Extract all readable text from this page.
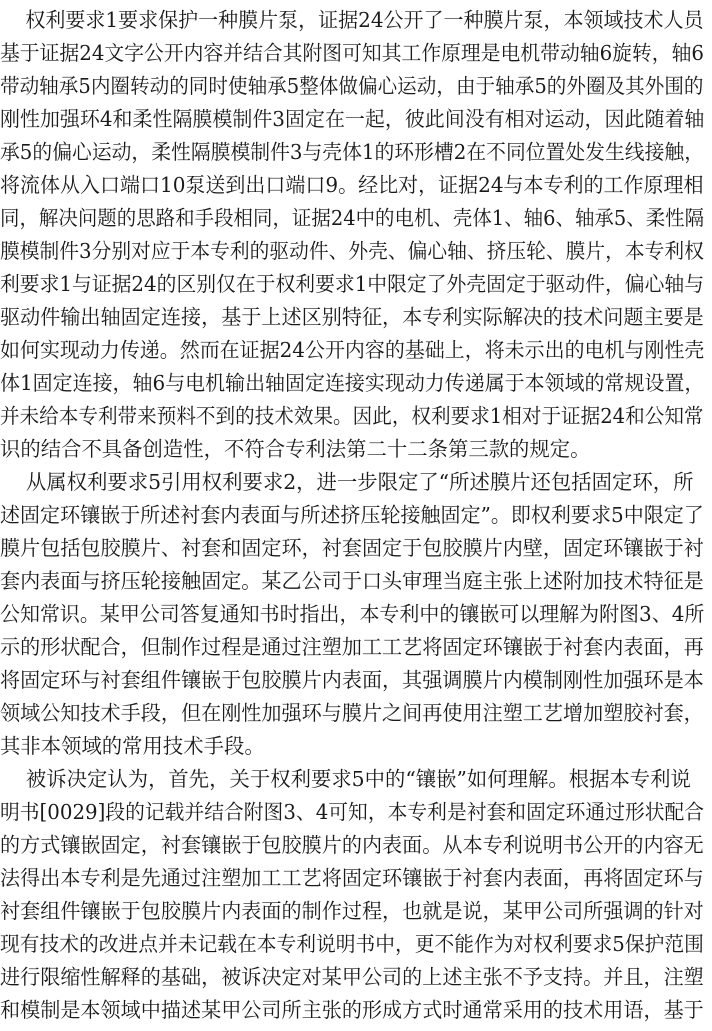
权利要求1要求保护一种膜片泵，证据24公开了一种膜片泵，本领域技术人员
基于证据24文字公开内容并结合其附图可知其工作原理是电机带动轴6旋转，轴6
带动轴承5内圈转动的同时使轴承5整体做偏心运动，由于轴承5的外圈及其外围的
刚性加强环4和柔性隔膜模制件3固定在一起，彼此间没有相对运动，因此随着轴
承5的偏心运动，柔性隔膜模制件3与壳体1的环形槽2在不同位置处发生线接触，
将流体从入口端口10泵送到出口端口9。经比对，证据24与本专利的工作原理相
同，解决问题的思路和手段相同，证据24中的电机、壳体1、轴6、轴承5、柔性隔
膜模制件3分别对应于本专利的驱动件、外壳、偏心轴、挤压轮、膜片，本专利权
利要求1与证据24的区别仅在于权利要求1中限定了外壳固定于驱动件，偏心轴与
驱动件输出轴固定连接，基于上述区别特征，本专利实际解决的技术问题主要是
如何实现动力传递。然而在证据24公开内容的基础上，将未示出的电机与刚性壳
体1固定连接，轴6与电机输出轴固定连接实现动力传递属于本领域的常规设置，
并未给本专利带来预料不到的技术效果。因此，权利要求1相对于证据24和公知常
识的结合不具备创造性，不符合专利法第二十二条第三款的规定。
从属权利要求5引用权利要求2，进一步限定了“所述膜片还包括固定环，所
述固定环镶嵌于所述衬套内表面与所述挤压轮接触固定”。即权利要求5中限定了
膜片包括包胶膜片、衬套和固定环，衬套固定于包胶膜片内壁，固定环镶嵌于衬
套内表面与挤压轮接触固定。某乙公司于口头审理当庭主张上述附加技术特征是
公知常识。某甲公司答复通知书时指出，本专利中的镶嵌可以理解为附图3、4所
示的形状配合，但制作过程是通过注塑加工工艺将固定环镶嵌于衬套内表面，再
将固定环与衬套组件镶嵌于包胶膜片内表面，其强调膜片内模制刚性加强环是本
领域公知技术手段，但在刚性加强环与膜片之间再使用注塑工艺增加塑胶衬套，
其非本领域的常用技术手段。
被诉决定认为，首先，关于权利要求5中的“镶嵌”如何理解。根据本专利说
明书[0029]段的记载并结合附图3、4可知，本专利是衬套和固定环通过形状配合
的方式镶嵌固定，衬套镶嵌于包胶膜片的内表面。从本专利说明书公开的内容无
法得出本专利是先通过注塑加工工艺将固定环镶嵌于衬套内表面，再将固定环与
衬套组件镶嵌于包胶膜片内表面的制作过程，也就是说，某甲公司所强调的针对
现有技术的改进点并未记载在本专利说明书中，更不能作为对权利要求5保护范围
进行限缩性解释的基础，被诉决定对某甲公司的上述主张不予支持。并且，注塑
和模制是本领域中描述某甲公司所主张的形成方式时通常采用的技术用语，基于
